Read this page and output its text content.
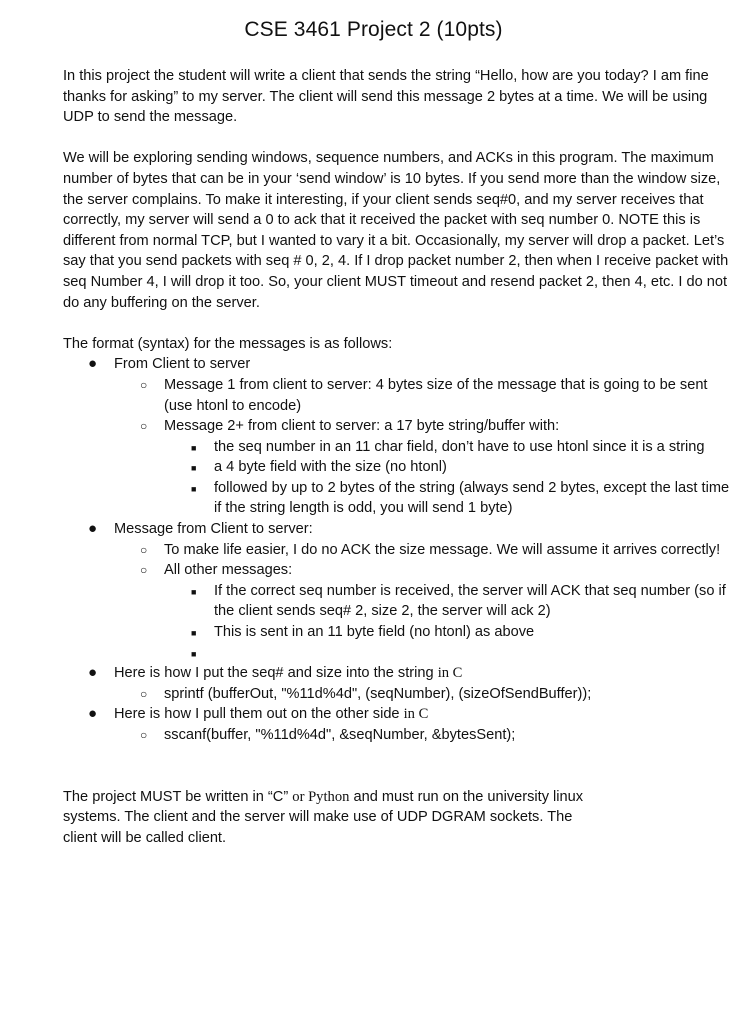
CSE 3461 Project 2 (10pts)

In this project the student will write a client that sends the string “Hello, how are you today? I am fine thanks for asking” to my server. The client will send this message 2 bytes at a time. We will be using UDP to send the message.

We will be exploring sending windows, sequence numbers, and ACKs in this program. The maximum number of bytes that can be in your ‘send window’ is 10 bytes. If you send more than the window size, the server complains. To make it interesting, if your client sends seq#0, and my server receives that correctly, my server will send a 0 to ack that it received the packet with seq number 0. NOTE this is different from normal TCP, but I wanted to vary it a bit. Occasionally, my server will drop a packet. Let’s say that you send packets with seq # 0, 2, 4. If I drop packet number 2, then when I receive packet with seq Number 4, I will drop it too. So, your client MUST timeout and resend packet 2, then 4, etc. I do not do any buffering on the server.

The format (syntax) for the messages is as follows:

● From Client to server
○ Message 1 from client to server: 4 bytes size of the message that is going to be sent (use htonl to encode)
○ Message 2+ from client to server: a 17 byte string/buffer with:
■ the seq number in an 11 char field, don’t have to use htonl since it is a string
■ a 4 byte field with the size (no htonl)
■ followed by up to 2 bytes of the string (always send 2 bytes, except the last time if the string length is odd, you will send 1 byte)
● Message from Client to server:
○ To make life easier, I do no ACK the size message. We will assume it arrives correctly!
○ All other messages:
■ If the correct seq number is received, the server will ACK that seq number (so if the client sends seq# 2, size 2, the server will ack 2)
■ This is sent in an 11 byte field (no htonl) as above
■

● Here is how I put the seq# and size into the string in C
○ sprintf (bufferOut, "%11d%4d", (seqNumber), (sizeOfSendBuffer));
● Here is how I pull them out on the other side in C
○ sscanf(buffer, "%11d%4d", &seqNumber, &bytesSent);

The project MUST be written in “C” or Python and must run on the university linux systems. The client and the server will make use of UDP DGRAM sockets. The client will be called client.
